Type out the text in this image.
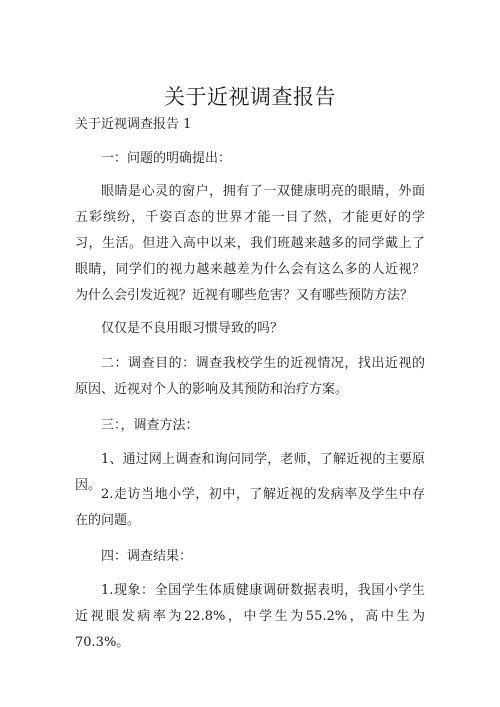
关于近视调查报告

关于近视调查报告 1

一：问题的明确提出：

眼睛是心灵的窗户，拥有了一双健康明亮的眼睛，外面五彩缤纷，千姿百态的世界才能一目了然，才能更好的学习，生活。但进入高中以来，我们班越来越多的同学戴上了眼睛，同学们的视力越来越差为什么会有这么多的人近视？为什么会引发近视？近视有哪些危害？又有哪些预防方法？

仅仅是不良用眼习惯导致的吗？

二：调查目的：调查我校学生的近视情况，找出近视的原因、近视对个人的影响及其预防和治疗方案。

三：，调查方法：

1、通过网上调查和询问同学，老师，了解近视的主要原因。

2.走访当地小学，初中，了解近视的发病率及学生中存在的问题。

四：调查结果：

1.现象：全国学生体质健康调研数据表明，我国小学生近视眼发病率为22.8%，中学生为55.2%，高中生为70.3%。
